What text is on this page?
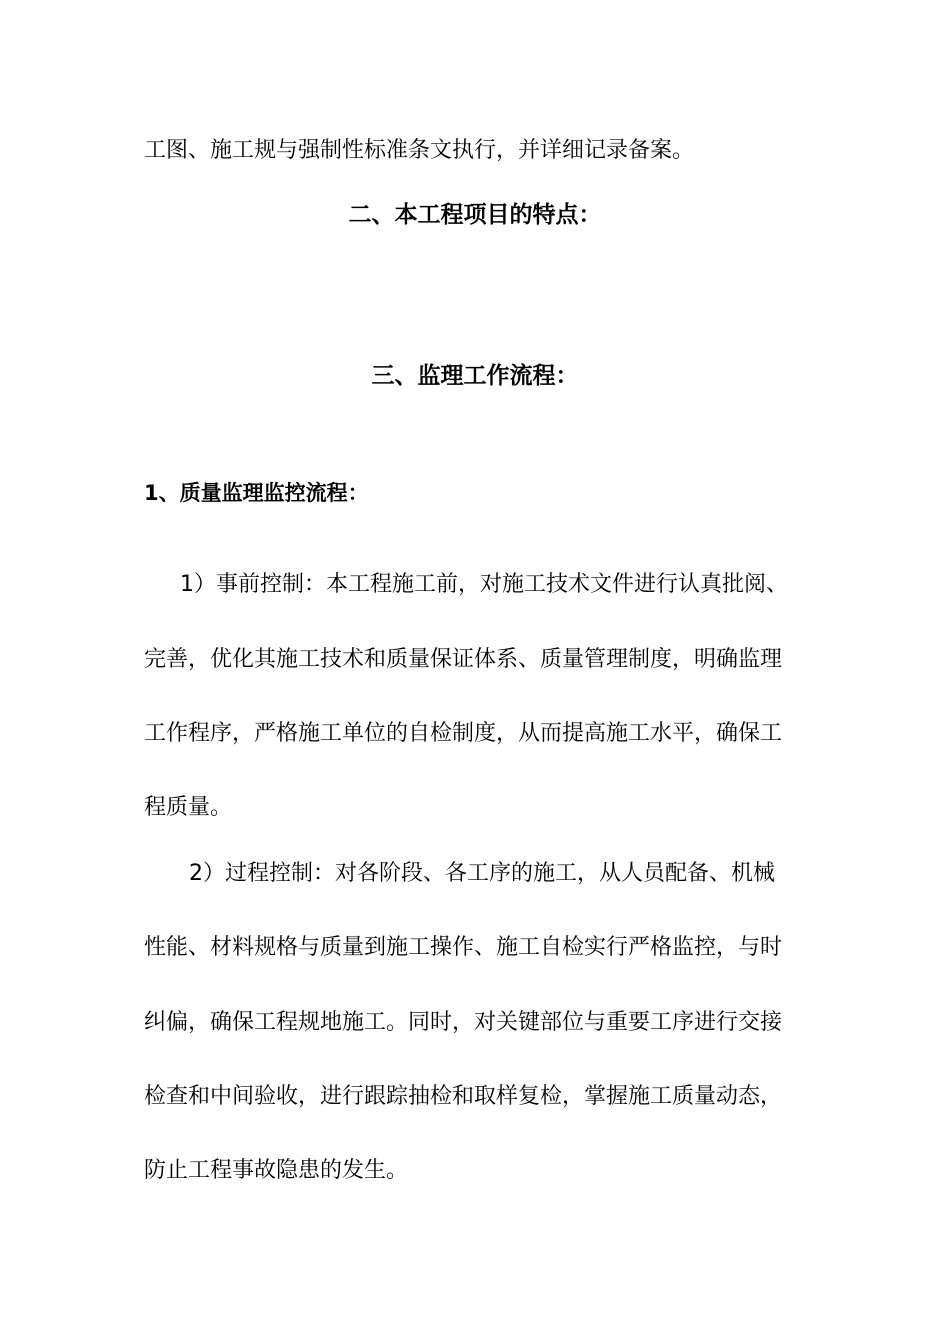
工图、施工规与强制性标准条文执行，并详细记录备案。
二、本工程项目的特点：
三、监理工作流程：
1、质量监理监控流程：
1）事前控制：本工程施工前，对施工技术文件进行认真批阅、
完善，优化其施工技术和质量保证体系、质量管理制度，明确监理
工作程序，严格施工单位的自检制度，从而提高施工水平，确保工
程质量。
2）过程控制：对各阶段、各工序的施工，从人员配备、机械
性能、材料规格与质量到施工操作、施工自检实行严格监控，与时
纠偏，确保工程规地施工。同时，对关键部位与重要工序进行交接
检查和中间验收，进行跟踪抽检和取样复检，掌握施工质量动态，
防止工程事故隐患的发生。
